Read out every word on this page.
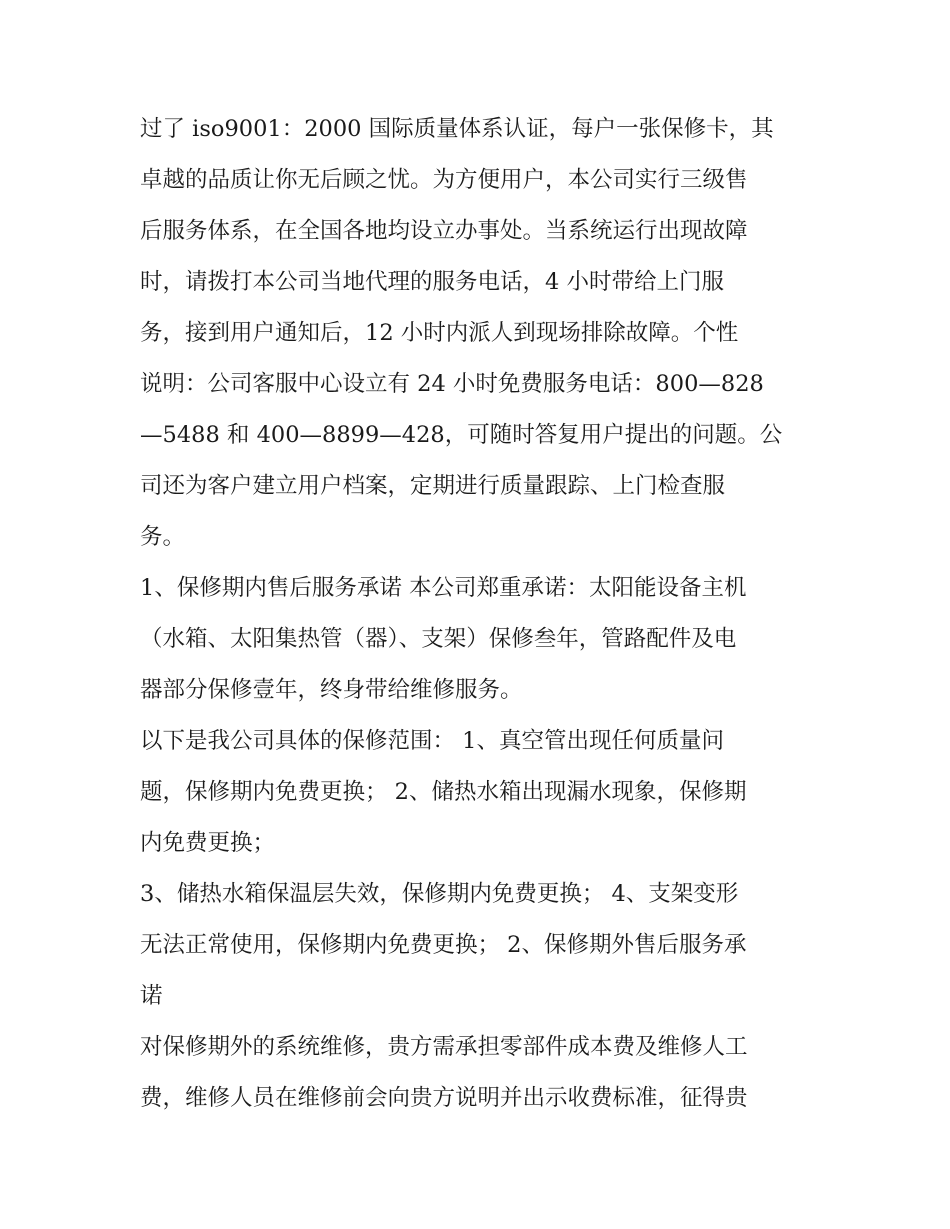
过了 iso9001：2000 国际质量体系认证，每户一张保修卡，其
卓越的品质让你无后顾之忧。为方便用户，本公司实行三级售
后服务体系，在全国各地均设立办事处。当系统运行出现故障
时，请拨打本公司当地代理的服务电话，4 小时带给上门服
务，接到用户通知后，12 小时内派人到现场排除故障。个性
说明：公司客服中心设立有 24 小时免费服务电话：800—828
—5488 和 400—8899—428，可随时答复用户提出的问题。公
司还为客户建立用户档案，定期进行质量跟踪、上门检查服
务。
1、保修期内售后服务承诺 本公司郑重承诺：太阳能设备主机
（水箱、太阳集热管（器）、支架）保修叁年，管路配件及电
器部分保修壹年，终身带给维修服务。
以下是我公司具体的保修范围： 1、真空管出现任何质量问
题，保修期内免费更换； 2、储热水箱出现漏水现象，保修期
内免费更换；
3、储热水箱保温层失效，保修期内免费更换； 4、支架变形
无法正常使用，保修期内免费更换； 2、保修期外售后服务承
诺
对保修期外的系统维修，贵方需承担零部件成本费及维修人工
费，维修人员在维修前会向贵方说明并出示收费标准，征得贵
